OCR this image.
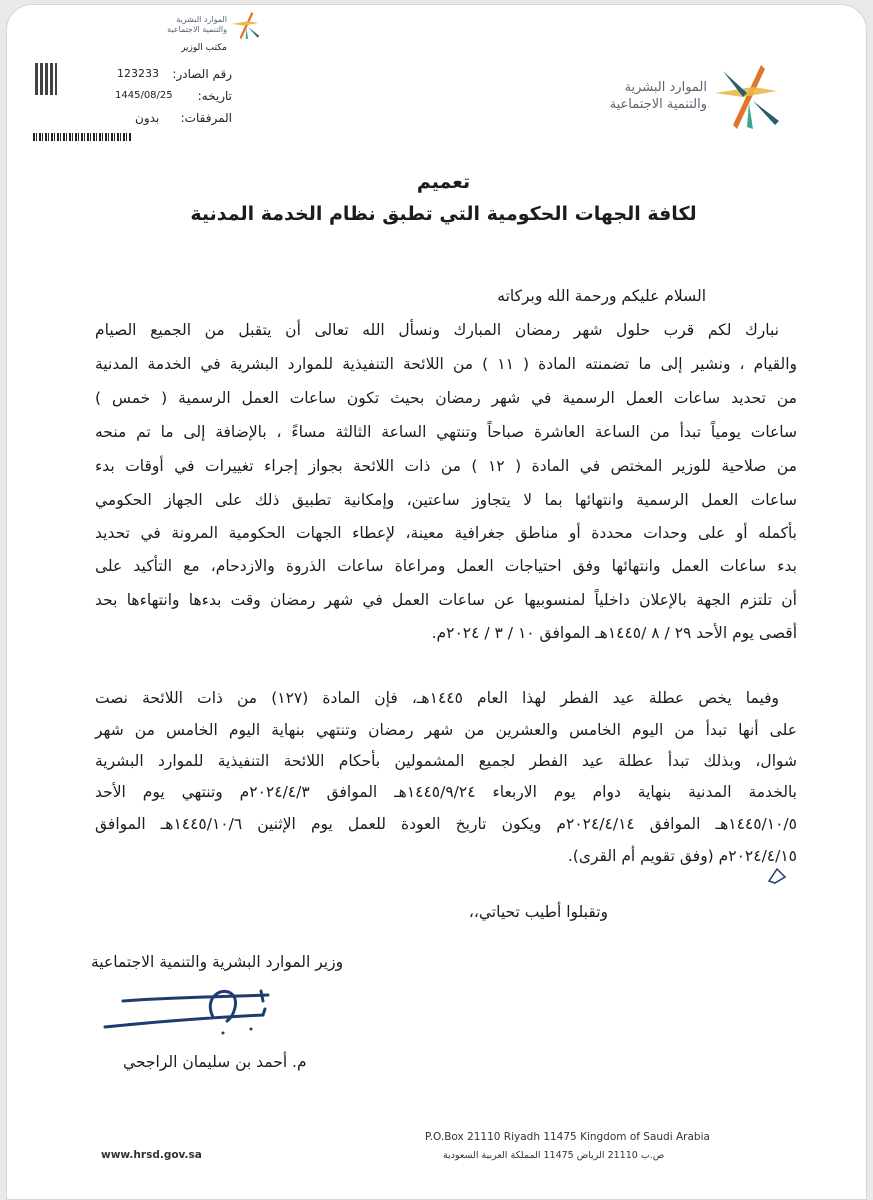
الموارد البشرية
والتنمية الاجتماعية
الموارد البشرية
والتنمية الاجتماعية
مكتب الوزير
رقم الصادر:
123233
تاريخه:
1445/08/25
المرفقات:
بدون
تعميم
لكافة الجهات الحكومية التي تطبق نظام الخدمة المدنية
السلام عليكم ورحمة الله وبركاته
نبارك لكم قرب حلول شهر رمضان المبارك ونسأل الله تعالى أن يتقبل من الجميع الصيام
والقيام ، ونشير إلى ما تضمنته المادة ( ١١ ) من اللائحة التنفيذية للموارد البشرية في الخدمة المدنية
من تحديد ساعات العمل الرسمية في شهر رمضان بحيث تكون ساعات العمل الرسمية ( خمس )
ساعات يومياً تبدأ من الساعة العاشرة صباحاً وتنتهي الساعة الثالثة مساءً ، بالإضافة إلى ما تم منحه
من صلاحية للوزير المختص في المادة ( ١٢ ) من ذات اللائحة بجواز إجراء تغييرات في أوقات بدء
ساعات العمل الرسمية وانتهائها بما لا يتجاوز ساعتين، وإمكانية تطبيق ذلك على الجهاز الحكومي
بأكمله أو على وحدات محددة أو مناطق جغرافية معينة، لإعطاء الجهات الحكومية المرونة في تحديد
بدء ساعات العمل وانتهائها وفق احتياجات العمل ومراعاة ساعات الذروة والازدحام، مع التأكيد على
أن تلتزم الجهة بالإعلان داخلياً لمنسوبيها عن ساعات العمل في شهر رمضان وقت بدءها وانتهاءها بحد
أقصى يوم الأحد ٢٩ / ٨ /١٤٤٥هـ الموافق ١٠ / ٣ / ٢٠٢٤م.
وفيما يخص عطلة عيد الفطر لهذا العام ١٤٤٥هـ، فإن المادة (١٢٧) من ذات اللائحة نصت
على أنها تبدأ من اليوم الخامس والعشرين من شهر رمضان وتنتهي بنهاية اليوم الخامس من شهر
شوال، وبذلك تبدأ عطلة عيد الفطر لجميع المشمولين بأحكام اللائحة التنفيذية للموارد البشرية
بالخدمة المدنية بنهاية دوام يوم الاربعاء ١٤٤٥/٩/٢٤هـ الموافق ٢٠٢٤/٤/٣م وتنتهي يوم الأحد
١٤٤٥/١٠/٥هـ الموافق ٢٠٢٤/٤/١٤م ويكون تاريخ العودة للعمل يوم الإثنين ١٤٤٥/١٠/٦هـ الموافق
٢٠٢٤/٤/١٥م (وفق تقويم أم القرى).
وتقبلوا أطيب تحياتي،،
وزير الموارد البشرية والتنمية الاجتماعية
م. أحمد بن سليمان الراجحي
www.hrsd.gov.sa
P.O.Box 21110 Riyadh 11475 Kingdom of Saudi Arabia
ص.ب 21110 الرياض 11475 المملكة العربية السعودية
